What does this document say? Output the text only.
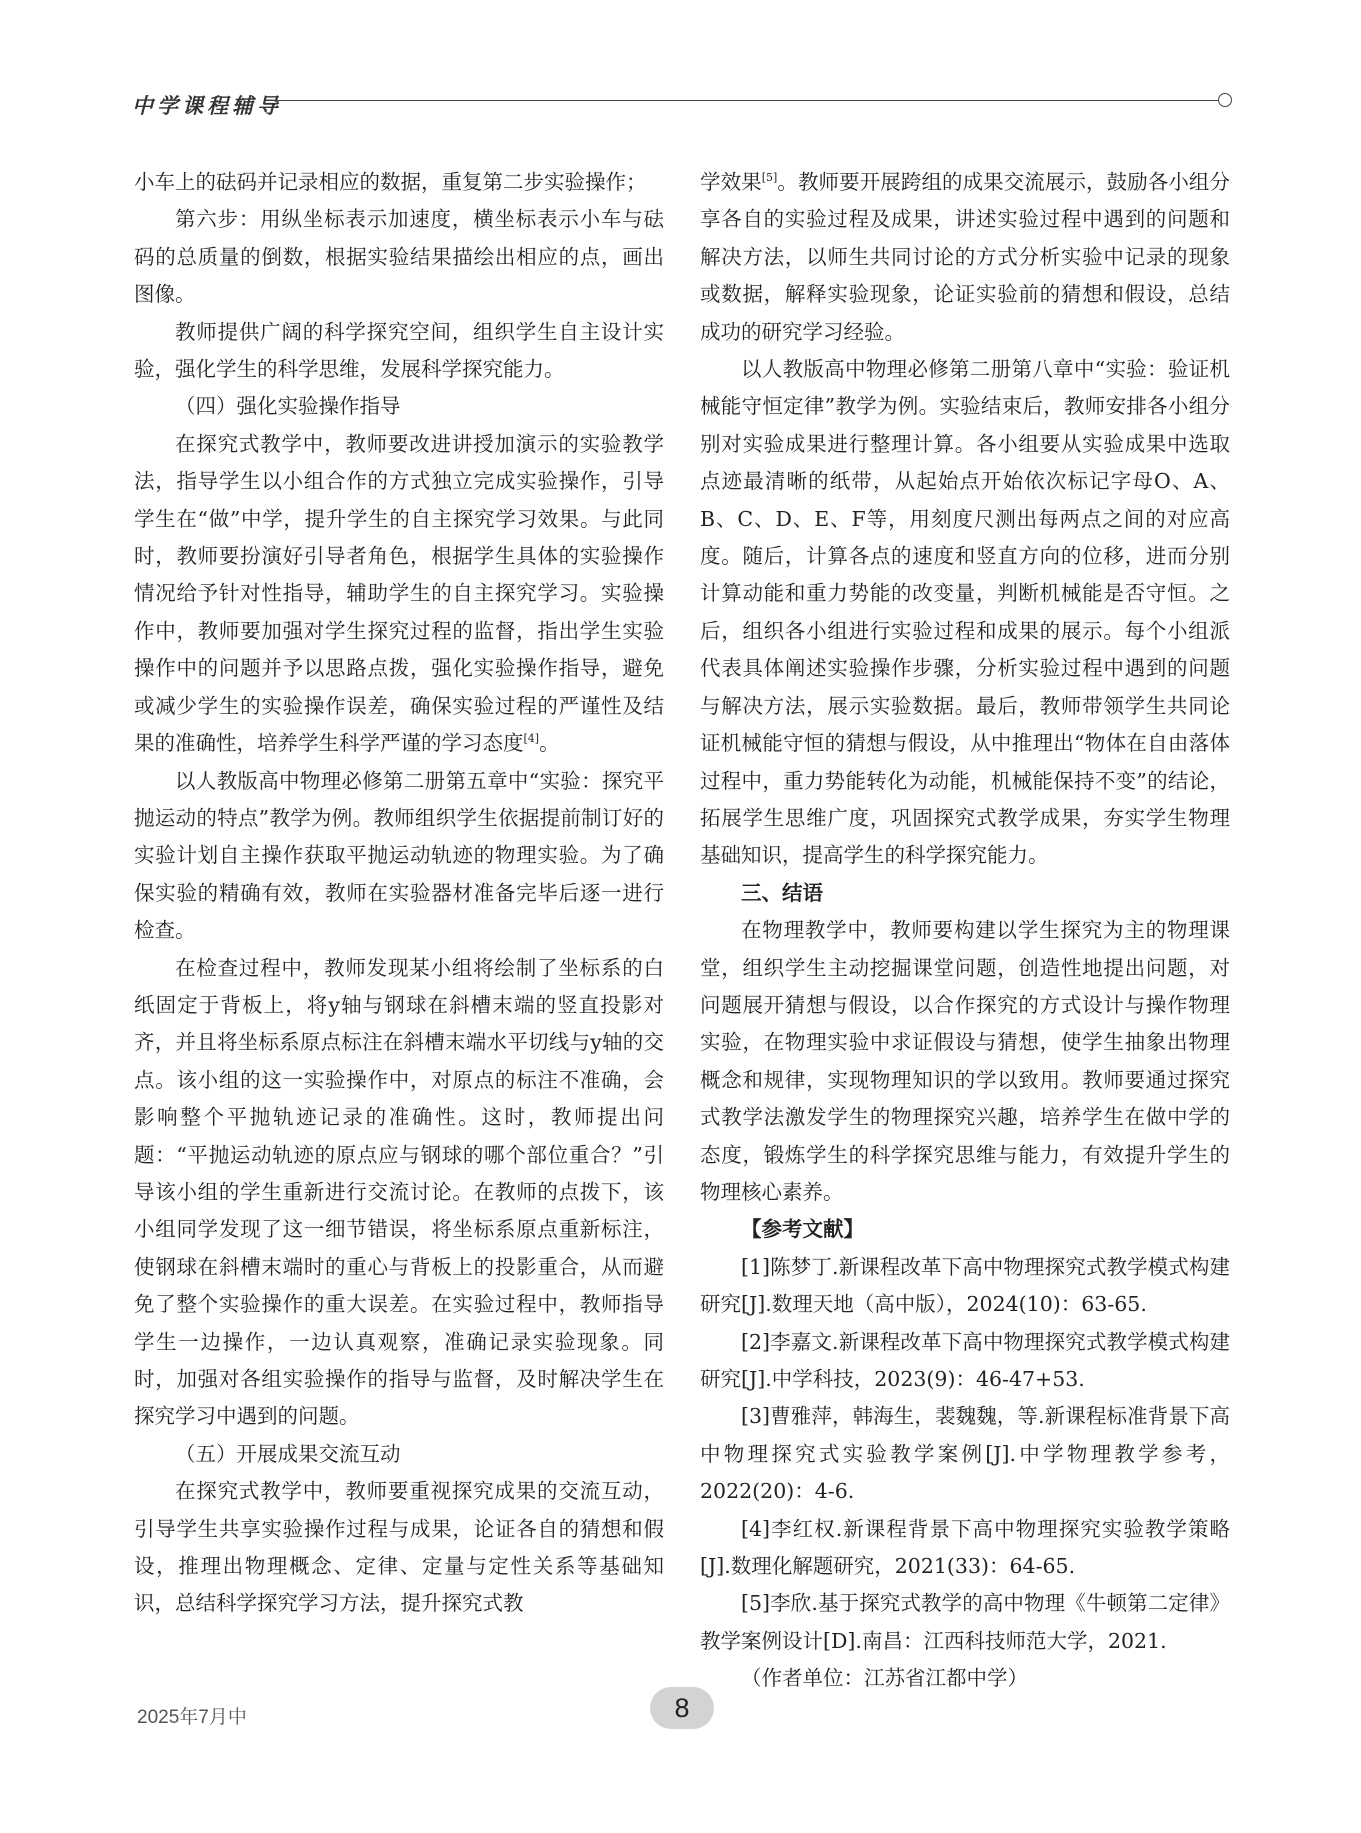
中学课程辅导

小车上的砝码并记录相应的数据，重复第二步实验操作；

第六步：用纵坐标表示加速度，横坐标表示小车与砝码的总质量的倒数，根据实验结果描绘出相应的点，画出图像。

教师提供广阔的科学探究空间，组织学生自主设计实验，强化学生的科学思维，发展科学探究能力。

（四）强化实验操作指导

在探究式教学中，教师要改进讲授加演示的实验教学法，指导学生以小组合作的方式独立完成实验操作，引导学生在“做”中学，提升学生的自主探究学习效果。与此同时，教师要扮演好引导者角色，根据学生具体的实验操作情况给予针对性指导，辅助学生的自主探究学习。实验操作中，教师要加强对学生探究过程的监督，指出学生实验操作中的问题并予以思路点拨，强化实验操作指导，避免或减少学生的实验操作误差，确保实验过程的严谨性及结果的准确性，培养学生科学严谨的学习态度[4]。

以人教版高中物理必修第二册第五章中“实验：探究平抛运动的特点”教学为例。教师组织学生依据提前制订好的实验计划自主操作获取平抛运动轨迹的物理实验。为了确保实验的精确有效，教师在实验器材准备完毕后逐一进行检查。

在检查过程中，教师发现某小组将绘制了坐标系的白纸固定于背板上，将y轴与钢球在斜槽末端的竖直投影对齐，并且将坐标系原点标注在斜槽末端水平切线与y轴的交点。该小组的这一实验操作中，对原点的标注不准确，会影响整个平抛轨迹记录的准确性。这时，教师提出问题：“平抛运动轨迹的原点应与钢球的哪个部位重合？”引导该小组的学生重新进行交流讨论。在教师的点拨下，该小组同学发现了这一细节错误，将坐标系原点重新标注，使钢球在斜槽末端时的重心与背板上的投影重合，从而避免了整个实验操作的重大误差。在实验过程中，教师指导学生一边操作，一边认真观察，准确记录实验现象。同时，加强对各组实验操作的指导与监督，及时解决学生在探究学习中遇到的问题。

（五）开展成果交流互动

在探究式教学中，教师要重视探究成果的交流互动，引导学生共享实验操作过程与成果，论证各自的猜想和假设，推理出物理概念、定律、定量与定性关系等基础知识，总结科学探究学习方法，提升探究式教

学效果[5]。教师要开展跨组的成果交流展示，鼓励各小组分享各自的实验过程及成果，讲述实验过程中遇到的问题和解决方法，以师生共同讨论的方式分析实验中记录的现象或数据，解释实验现象，论证实验前的猜想和假设，总结成功的研究学习经验。

以人教版高中物理必修第二册第八章中“实验：验证机械能守恒定律”教学为例。实验结束后，教师安排各小组分别对实验成果进行整理计算。各小组要从实验成果中选取点迹最清晰的纸带，从起始点开始依次标记字母O、A、B、C、D、E、F等，用刻度尺测出每两点之间的对应高度。随后，计算各点的速度和竖直方向的位移，进而分别计算动能和重力势能的改变量，判断机械能是否守恒。之后，组织各小组进行实验过程和成果的展示。每个小组派代表具体阐述实验操作步骤，分析实验过程中遇到的问题与解决方法，展示实验数据。最后，教师带领学生共同论证机械能守恒的猜想与假设，从中推理出“物体在自由落体过程中，重力势能转化为动能，机械能保持不变”的结论，拓展学生思维广度，巩固探究式教学成果，夯实学生物理基础知识，提高学生的科学探究能力。

三、结语

在物理教学中，教师要构建以学生探究为主的物理课堂，组织学生主动挖掘课堂问题，创造性地提出问题，对问题展开猜想与假设，以合作探究的方式设计与操作物理实验，在物理实验中求证假设与猜想，使学生抽象出物理概念和规律，实现物理知识的学以致用。教师要通过探究式教学法激发学生的物理探究兴趣，培养学生在做中学的态度，锻炼学生的科学探究思维与能力，有效提升学生的物理核心素养。

【参考文献】

[1]陈梦丁.新课程改革下高中物理探究式教学模式构建研究[J].数理天地（高中版），2024(10)：63-65.

[2]李嘉文.新课程改革下高中物理探究式教学模式构建研究[J].中学科技，2023(9)：46-47+53.

[3]曹雅萍，韩海生，裴魏魏，等.新课程标准背景下高中物理探究式实验教学案例[J].中学物理教学参考，2022(20)：4-6.

[4]李红权.新课程背景下高中物理探究实验教学策略[J].数理化解题研究，2021(33)：64-65.

[5]李欣.基于探究式教学的高中物理《牛顿第二定律》教学案例设计[D].南昌：江西科技师范大学，2021.

（作者单位：江苏省江都中学）

2025年7月中	8
